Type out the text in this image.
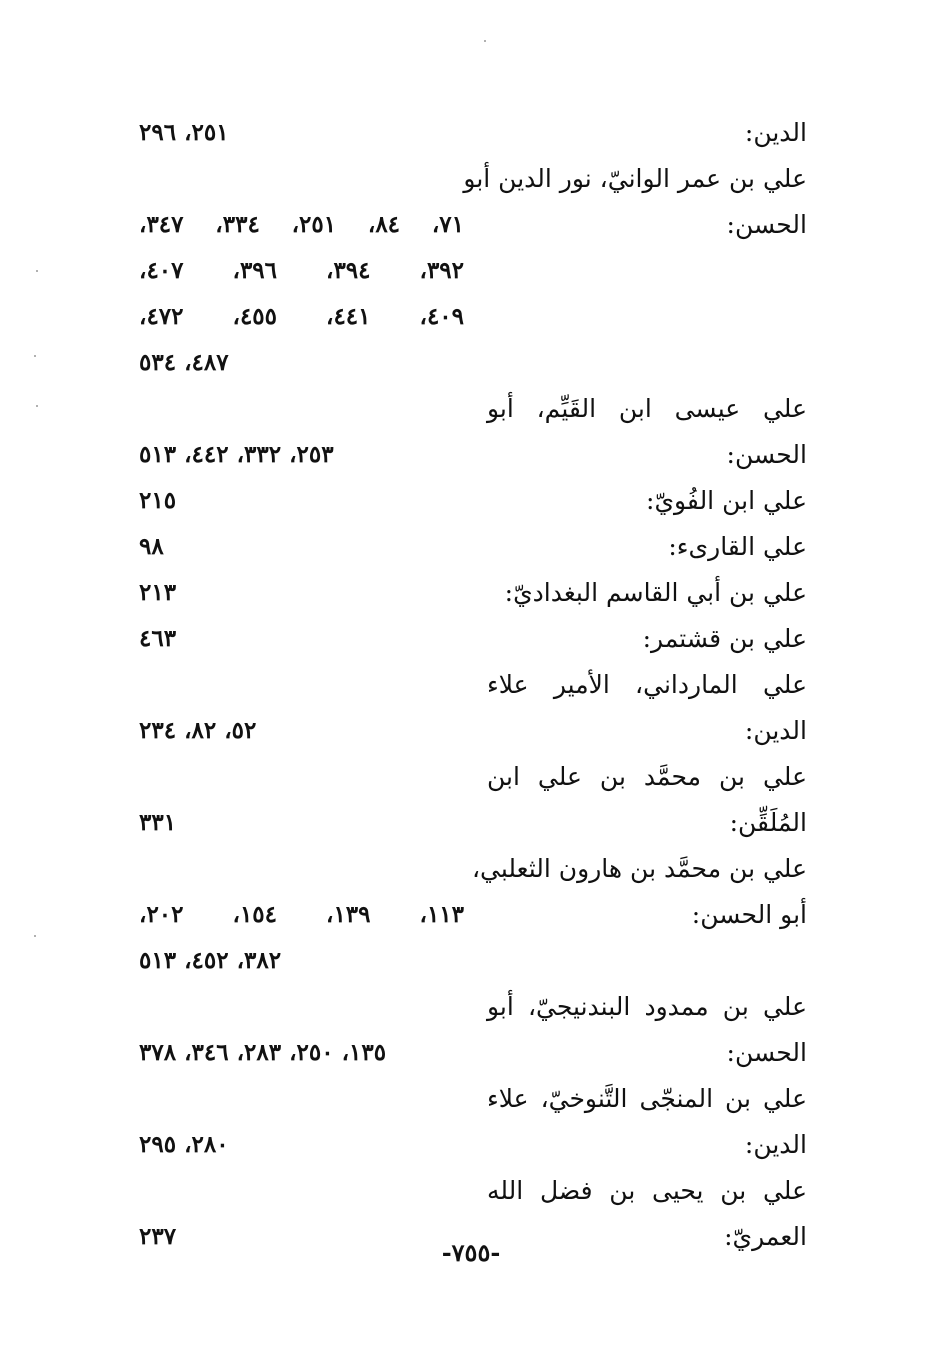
الدين:
٢٥١، ٢٩٦
علي بن عمر الوانيّ، نور الدين أبو
الحسن:
٧١، ٨٤، ٢٥١، ٣٣٤، ٣٤٧،
٣٩٢، ٣٩٤، ٣٩٦، ٤٠٧،
٤٠٩، ٤٤١، ٤٥٥، ٤٧٢،
٤٨٧، ٥٣٤
علي عيسى ابن القَيِّم، أبو
الحسن:
٢٥٣، ٣٣٢، ٤٤٢، ٥١٣
علي ابن الفُويّ:
٢١٥
علي القارىء:
٩٨
علي بن أبي القاسم البغداديّ:
٢١٣
علي بن قشتمر:
٤٦٣
علي المارداني، الأمير علاء
الدين:
٥٢، ٨٢، ٢٣٤
علي بن محمَّد بن علي ابن
المُلَقِّن:
٣٣١
علي بن محمَّد بن هارون الثعلبي،
أبو الحسن:
١١٣، ١٣٩، ١٥٤، ٢٠٢،
٣٨٢، ٤٥٢، ٥١٣
علي بن ممدود البندنيجيّ، أبو
الحسن:
١٣٥، ٢٥٠، ٢٨٣، ٣٤٦، ٣٧٨
علي بن المنجّى التَّنوخيّ، علاء
الدين:
٢٨٠، ٢٩٥
علي بن يحيى بن فضل الله
العمريّ:
٢٣٧
-٧٥٥-
